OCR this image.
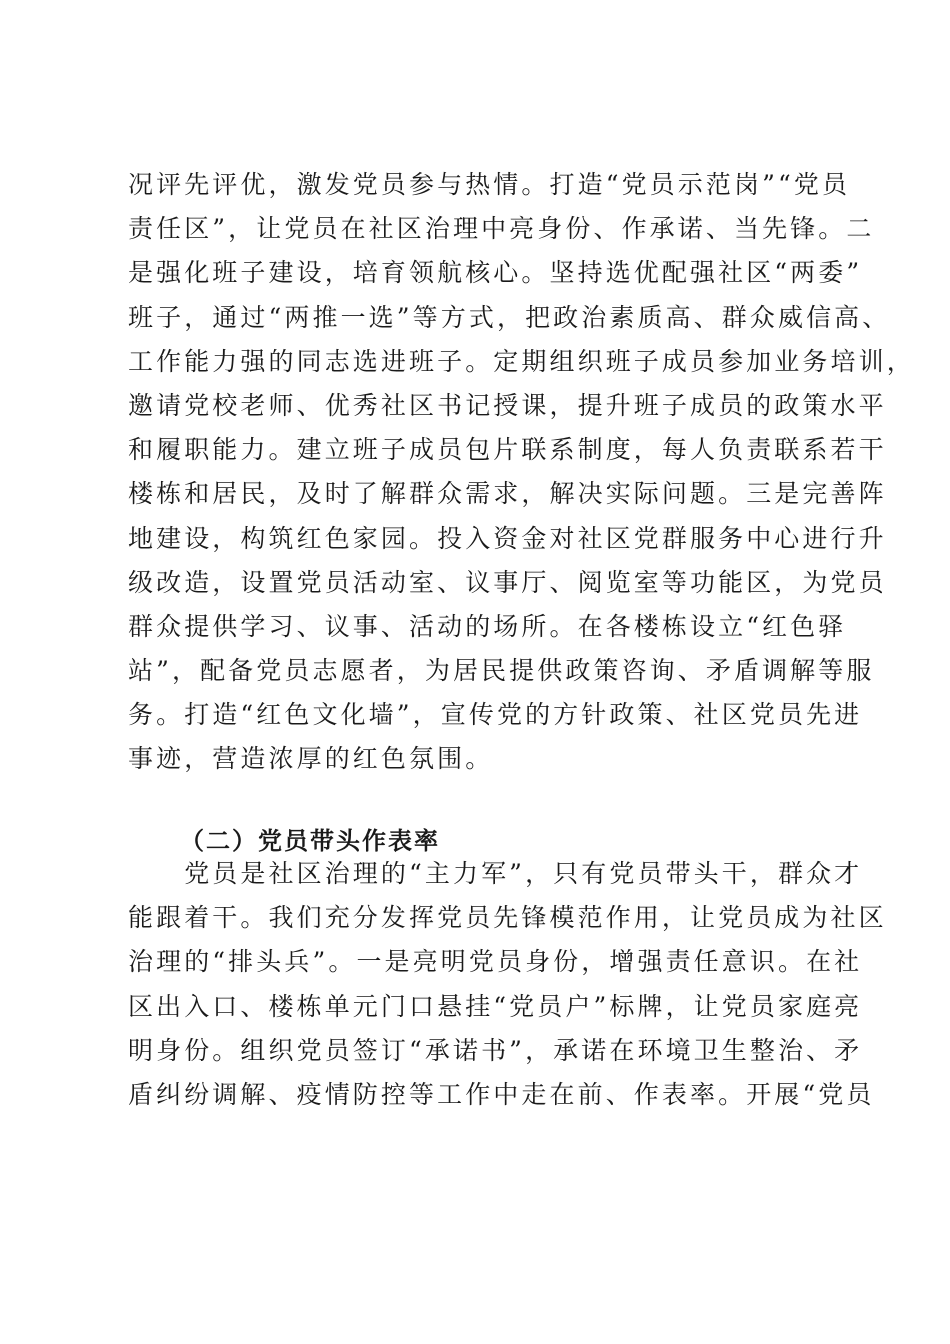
况评先评优，激发党员参与热情。打造“党员示范岗”“党员
责任区”，让党员在社区治理中亮身份、作承诺、当先锋。二
是强化班子建设，培育领航核心。坚持选优配强社区“两委”
班子，通过“两推一选”等方式，把政治素质高、群众威信高、
工作能力强的同志选进班子。定期组织班子成员参加业务培训，
邀请党校老师、优秀社区书记授课，提升班子成员的政策水平
和履职能力。建立班子成员包片联系制度，每人负责联系若干
楼栋和居民，及时了解群众需求，解决实际问题。三是完善阵
地建设，构筑红色家园。投入资金对社区党群服务中心进行升
级改造，设置党员活动室、议事厅、阅览室等功能区，为党员
群众提供学习、议事、活动的场所。在各楼栋设立“红色驿
站”，配备党员志愿者，为居民提供政策咨询、矛盾调解等服
务。打造“红色文化墙”，宣传党的方针政策、社区党员先进
事迹，营造浓厚的红色氛围。
（二）党员带头作表率
　　党员是社区治理的“主力军”，只有党员带头干，群众才
能跟着干。我们充分发挥党员先锋模范作用，让党员成为社区
治理的“排头兵”。一是亮明党员身份，增强责任意识。在社
区出入口、楼栋单元门口悬挂“党员户”标牌，让党员家庭亮
明身份。组织党员签订“承诺书”，承诺在环境卫生整治、矛
盾纠纷调解、疫情防控等工作中走在前、作表率。开展“党员
